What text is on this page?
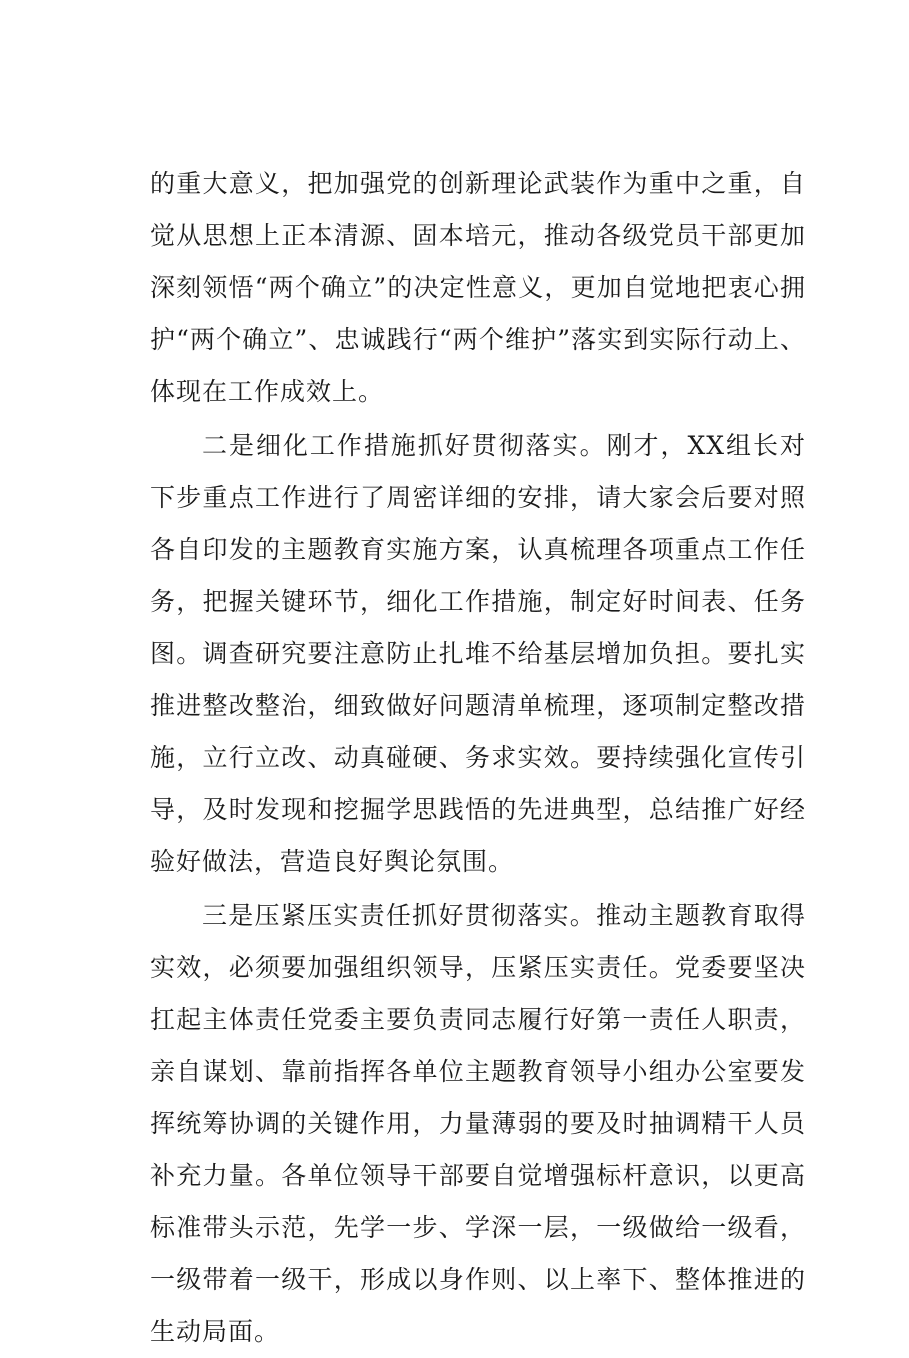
的重大意义，把加强党的创新理论武装作为重中之重，自觉从思想上正本清源、固本培元，推动各级党员干部更加深刻领悟“两个确立”的决定性意义，更加自觉地把衷心拥护“两个确立”、忠诚践行“两个维护”落实到实际行动上、体现在工作成效上。

二是细化工作措施抓好贯彻落实。刚才，XX组长对下步重点工作进行了周密详细的安排，请大家会后要对照各自印发的主题教育实施方案，认真梳理各项重点工作任务，把握关键环节，细化工作措施，制定好时间表、任务图。调查研究要注意防止扎堆不给基层增加负担。要扎实推进整改整治，细致做好问题清单梳理，逐项制定整改措施，立行立改、动真碰硬、务求实效。要持续强化宣传引导，及时发现和挖掘学思践悟的先进典型，总结推广好经验好做法，营造良好舆论氛围。

三是压紧压实责任抓好贯彻落实。推动主题教育取得实效，必须要加强组织领导，压紧压实责任。党委要坚决扛起主体责任党委主要负责同志履行好第一责任人职责，亲自谋划、靠前指挥各单位主题教育领导小组办公室要发挥统筹协调的关键作用，力量薄弱的要及时抽调精干人员补充力量。各单位领导干部要自觉增强标杆意识，以更高标准带头示范，先学一步、学深一层，一级做给一级看，一级带着一级干，形成以身作则、以上率下、整体推进的生动局面。
